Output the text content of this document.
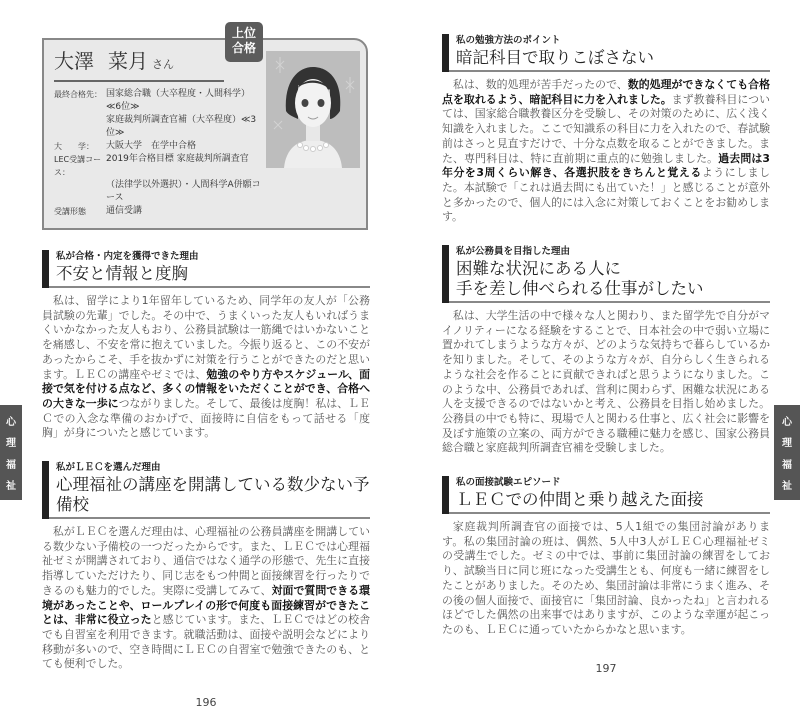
心
理
福
祉
上位合格
大澤 菜月 さん
最終合格先： 国家総合職（大卒程度・人間科学）≪6位≫
家庭裁判所調査官補（大卒程度）≪3位≫
大　　学：	大阪大学　在学中合格
LEC受講コース：
2019年合格目標 家庭裁判所調査官
（法律学以外選択）・人間科学A併願コース
受講形態	通信受講
私が合格・内定を獲得できた理由
不安と情報と度胸

私は、留学により1年留年しているため、同学年の友人が「公務員試験の先輩」でした。その中で、うまくいった友人もいればうまくいかなかった友人もおり、公務員試験は一筋縄ではいかないことを痛感し、不安を常に抱えていました。今振り返ると、この不安があったからこそ、手を抜かずに対策を行うことができたのだと思います。ＬＥＣの講座やゼミでは、勉強のやり方やスケジュール、面接で気を付ける点など、多くの情報をいただくことができ、合格への大きな一歩につながりました。そして、最後は度胸！私は、ＬＥＣでの入念な準備のおかげで、面接時に自信をもって話せる「度胸」が身についたと感じています。

私がＬＥＣを選んだ理由
心理福祉の講座を開講している数少ない予備校

私がＬＥＣを選んだ理由は、心理福祉の公務員講座を開講している数少ない予備校の一つだったからです。また、ＬＥＣでは心理福祉ゼミが開講されており、通信ではなく通学の形態で、先生に直接指導していただけたり、同じ志をもつ仲間と面接練習を行ったりできるのも魅力的でした。実際に受講してみて、対面で質問できる環境があったことや、ロールプレイの形で何度も面接練習ができたことは、非常に役立ったと感じています。また、ＬＥＣではどの校舎でも自習室を利用できます。就職活動は、面接や説明会などにより移動が多いので、空き時間にＬＥＣの自習室で勉強できたのも、とても便利でした。

196
私の勉強方法のポイント
暗記科目で取りこぼさない

私は、数的処理が苦手だったので、数的処理ができなくても合格点を取れるよう、暗記科目に力を入れました。まず教養科目については、国家総合職教養区分を受験し、その対策のために、広く浅く知識を入れました。ここで知識系の科目に力を入れたので、春試験前はさっと見直すだけで、十分な点数を取ることができました。また、専門科目は、特に直前期に重点的に勉強しました。過去問は3年分を3周くらい解き、各選択肢をきちんと覚えるようにしました。本試験で「これは過去問にも出ていた！」と感じることが意外と多かったので、個人的には入念に対策しておくことをお勧めします。

私が公務員を目指した理由
困難な状況にある人に
手を差し伸べられる仕事がしたい

私は、大学生活の中で様々な人と関わり、また留学先で自分がマイノリティーになる経験をすることで、日本社会の中で弱い立場に置かれてしまうような方々が、どのような気持ちで暮らしているかを知りました。そして、そのような方々が、自分らしく生きられるような社会を作ることに貢献できればと思うようになりました。このような中、公務員であれば、営利に関わらず、困難な状況にある人を支援できるのではないかと考え、公務員を目指し始めました。公務員の中でも特に、現場で人と関わる仕事と、広く社会に影響を及ぼす施策の立案の、両方ができる職種に魅力を感じ、国家公務員総合職と家庭裁判所調査官補を受験しました。

私の面接試験エピソード
ＬＥＣでの仲間と乗り越えた面接

家庭裁判所調査官の面接では、5人1組での集団討論があります。私の集団討論の班は、偶然、5人中3人がＬＥＣ心理福祉ゼミの受講生でした。ゼミの中では、事前に集団討論の練習をしており、試験当日に同じ班になった受講生とも、何度も一緒に練習をしたことがありました。そのため、集団討論は非常にうまく進み、その後の個人面接で、面接官に「集団討論、良かったね」と言われるほどでした偶然の出来事ではありますが、このような幸運が起こったのも、ＬＥＣに通っていたからかなと思います。

197
心
理
福
祉
